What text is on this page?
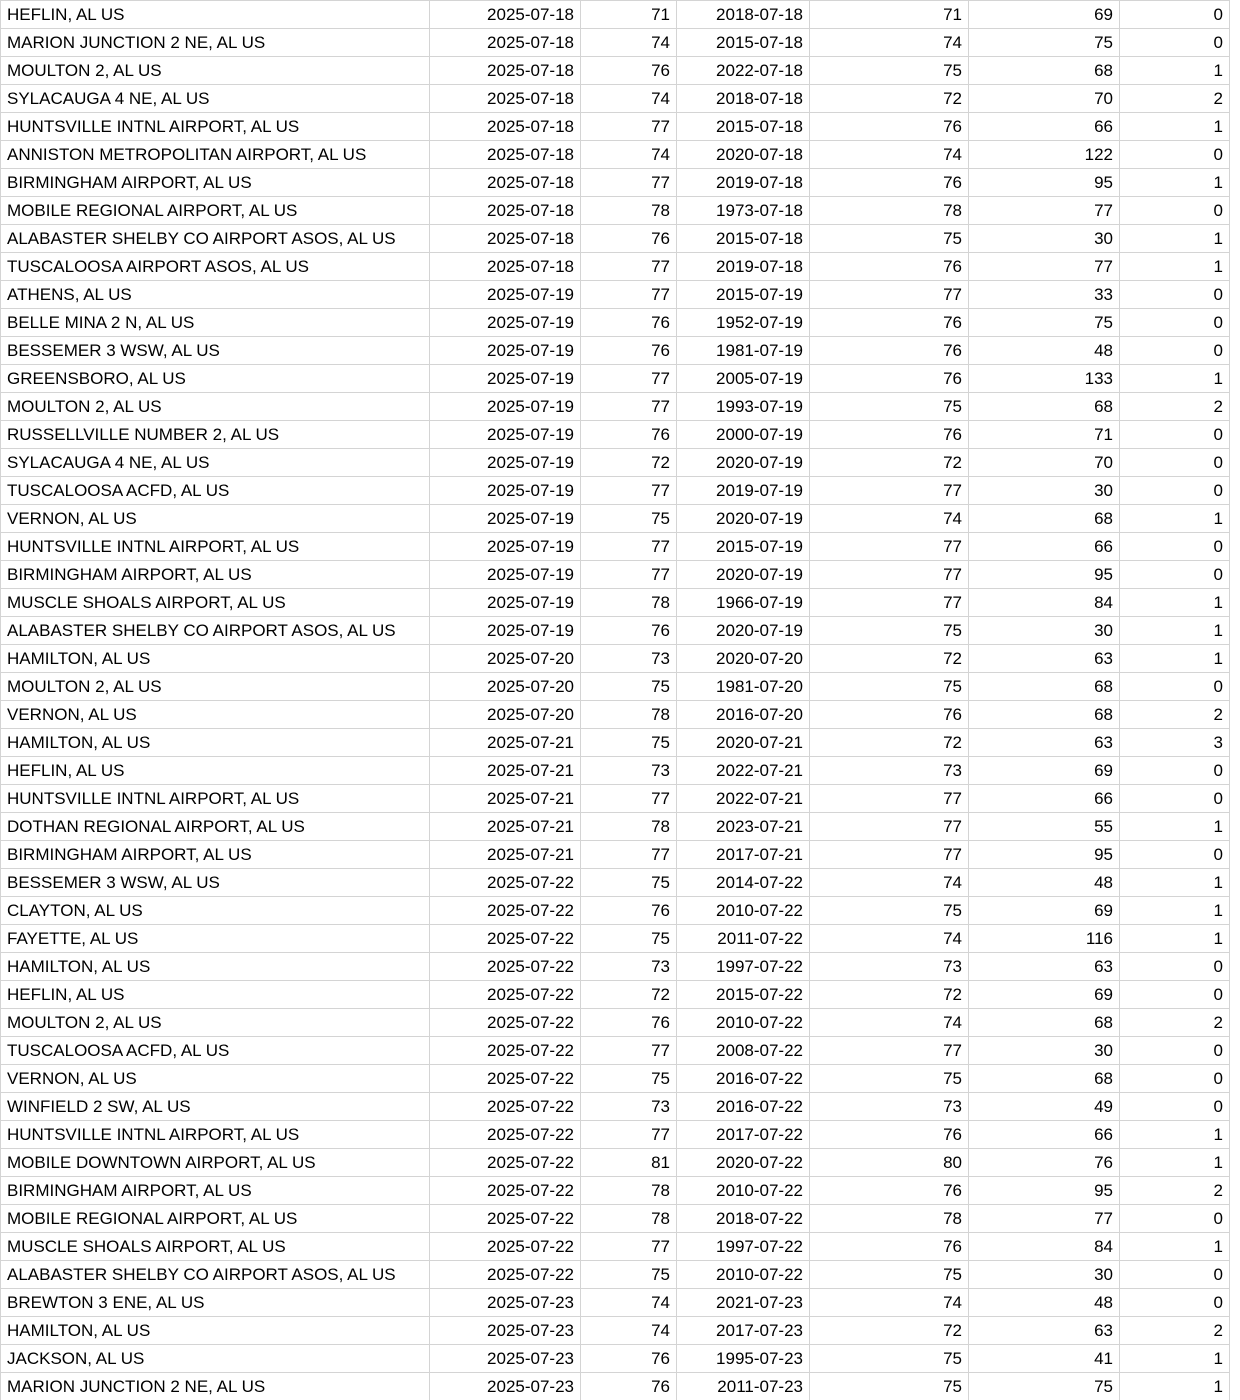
HEFLIN, AL US	2025-07-18	71	2018-07-18	71	69	0
MARION JUNCTION 2 NE, AL US	2025-07-18	74	2015-07-18	74	75	0
MOULTON 2, AL US	2025-07-18	76	2022-07-18	75	68	1
SYLACAUGA 4 NE, AL US	2025-07-18	74	2018-07-18	72	70	2
HUNTSVILLE INTNL AIRPORT, AL US	2025-07-18	77	2015-07-18	76	66	1
ANNISTON METROPOLITAN AIRPORT, AL US	2025-07-18	74	2020-07-18	74	122	0
BIRMINGHAM AIRPORT, AL US	2025-07-18	77	2019-07-18	76	95	1
MOBILE REGIONAL AIRPORT, AL US	2025-07-18	78	1973-07-18	78	77	0
ALABASTER SHELBY CO AIRPORT ASOS, AL US	2025-07-18	76	2015-07-18	75	30	1
TUSCALOOSA AIRPORT ASOS, AL US	2025-07-18	77	2019-07-18	76	77	1
ATHENS, AL US	2025-07-19	77	2015-07-19	77	33	0
BELLE MINA 2 N, AL US	2025-07-19	76	1952-07-19	76	75	0
BESSEMER 3 WSW, AL US	2025-07-19	76	1981-07-19	76	48	0
GREENSBORO, AL US	2025-07-19	77	2005-07-19	76	133	1
MOULTON 2, AL US	2025-07-19	77	1993-07-19	75	68	2
RUSSELLVILLE NUMBER 2, AL US	2025-07-19	76	2000-07-19	76	71	0
SYLACAUGA 4 NE, AL US	2025-07-19	72	2020-07-19	72	70	0
TUSCALOOSA ACFD, AL US	2025-07-19	77	2019-07-19	77	30	0
VERNON, AL US	2025-07-19	75	2020-07-19	74	68	1
HUNTSVILLE INTNL AIRPORT, AL US	2025-07-19	77	2015-07-19	77	66	0
BIRMINGHAM AIRPORT, AL US	2025-07-19	77	2020-07-19	77	95	0
MUSCLE SHOALS AIRPORT, AL US	2025-07-19	78	1966-07-19	77	84	1
ALABASTER SHELBY CO AIRPORT ASOS, AL US	2025-07-19	76	2020-07-19	75	30	1
HAMILTON, AL US	2025-07-20	73	2020-07-20	72	63	1
MOULTON 2, AL US	2025-07-20	75	1981-07-20	75	68	0
VERNON, AL US	2025-07-20	78	2016-07-20	76	68	2
HAMILTON, AL US	2025-07-21	75	2020-07-21	72	63	3
HEFLIN, AL US	2025-07-21	73	2022-07-21	73	69	0
HUNTSVILLE INTNL AIRPORT, AL US	2025-07-21	77	2022-07-21	77	66	0
DOTHAN REGIONAL AIRPORT, AL US	2025-07-21	78	2023-07-21	77	55	1
BIRMINGHAM AIRPORT, AL US	2025-07-21	77	2017-07-21	77	95	0
BESSEMER 3 WSW, AL US	2025-07-22	75	2014-07-22	74	48	1
CLAYTON, AL US	2025-07-22	76	2010-07-22	75	69	1
FAYETTE, AL US	2025-07-22	75	2011-07-22	74	116	1
HAMILTON, AL US	2025-07-22	73	1997-07-22	73	63	0
HEFLIN, AL US	2025-07-22	72	2015-07-22	72	69	0
MOULTON 2, AL US	2025-07-22	76	2010-07-22	74	68	2
TUSCALOOSA ACFD, AL US	2025-07-22	77	2008-07-22	77	30	0
VERNON, AL US	2025-07-22	75	2016-07-22	75	68	0
WINFIELD 2 SW, AL US	2025-07-22	73	2016-07-22	73	49	0
HUNTSVILLE INTNL AIRPORT, AL US	2025-07-22	77	2017-07-22	76	66	1
MOBILE DOWNTOWN AIRPORT, AL US	2025-07-22	81	2020-07-22	80	76	1
BIRMINGHAM AIRPORT, AL US	2025-07-22	78	2010-07-22	76	95	2
MOBILE REGIONAL AIRPORT, AL US	2025-07-22	78	2018-07-22	78	77	0
MUSCLE SHOALS AIRPORT, AL US	2025-07-22	77	1997-07-22	76	84	1
ALABASTER SHELBY CO AIRPORT ASOS, AL US	2025-07-22	75	2010-07-22	75	30	0
BREWTON 3 ENE, AL US	2025-07-23	74	2021-07-23	74	48	0
HAMILTON, AL US	2025-07-23	74	2017-07-23	72	63	2
JACKSON, AL US	2025-07-23	76	1995-07-23	75	41	1
MARION JUNCTION 2 NE, AL US	2025-07-23	76	2011-07-23	75	75	1
